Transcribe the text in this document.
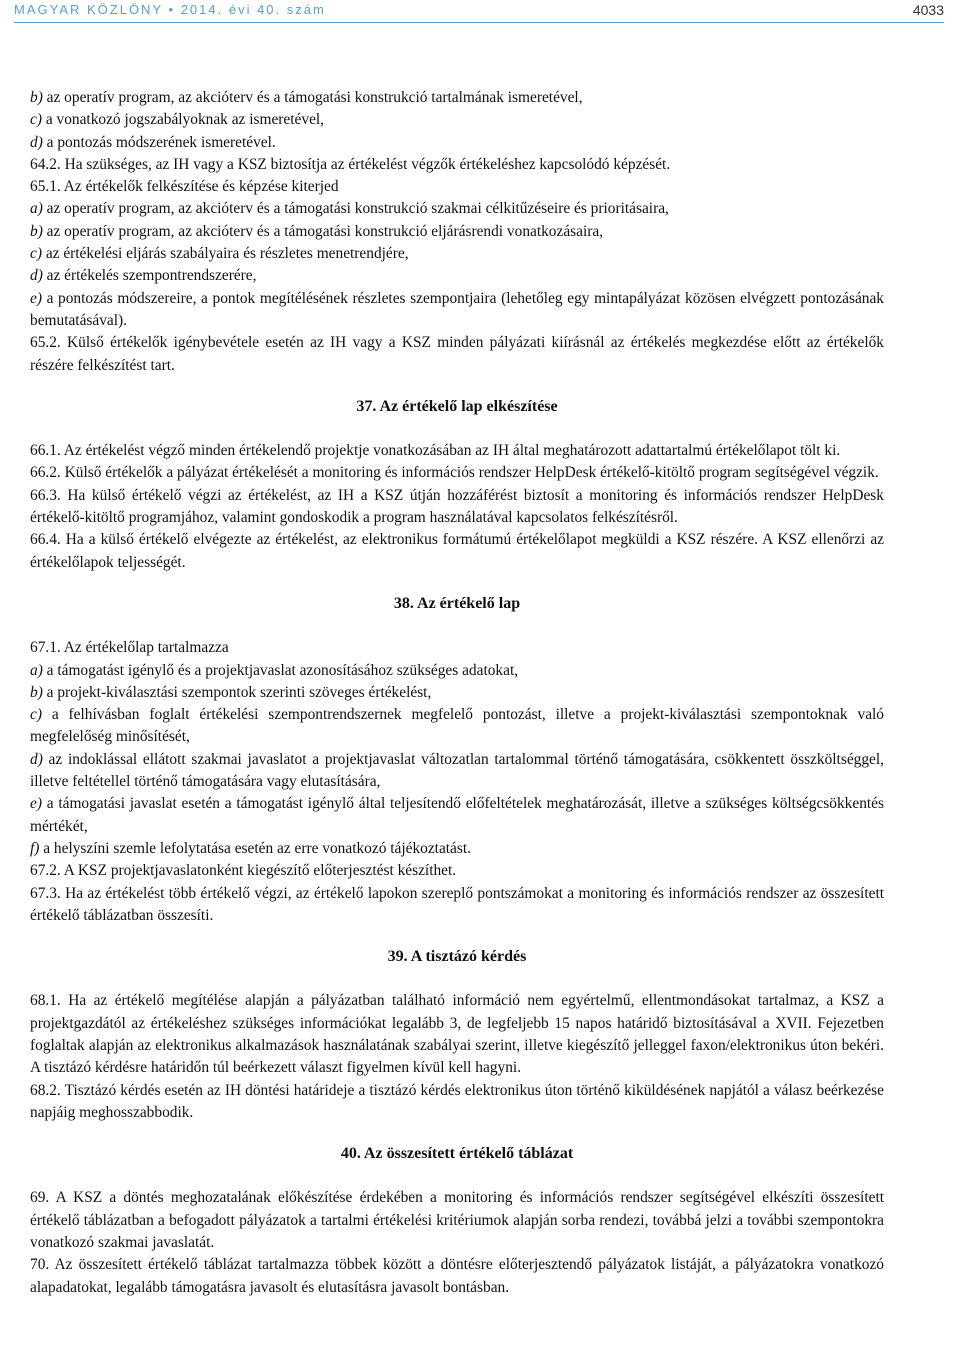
MAGYAR KÖZLÖNY • 2014. évi 40. szám	4033

b) az operatív program, az akcióterv és a támogatási konstrukció tartalmának ismeretével,

c) a vonatkozó jogszabályoknak az ismeretével,

d) a pontozás módszerének ismeretével.

64.2. Ha szükséges, az IH vagy a KSZ biztosítja az értékelést végzők értékeléshez kapcsolódó képzését.

65.1. Az értékelők felkészítése és képzése kiterjed

a) az operatív program, az akcióterv és a támogatási konstrukció szakmai célkitűzéseire és prioritásaira,

b) az operatív program, az akcióterv és a támogatási konstrukció eljárásrendi vonatkozásaira,

c) az értékelési eljárás szabályaira és részletes menetrendjére,

d) az értékelés szempontrendszerére,

e) a pontozás módszereire, a pontok megítélésének részletes szempontjaira (lehetőleg egy mintapályázat közösen elvégzett pontozásának bemutatásával).

65.2. Külső értékelők igénybevétele esetén az IH vagy a KSZ minden pályázati kiírásnál az értékelés megkezdése előtt az értékelők részére felkészítést tart.

37. Az értékelő lap elkészítése

66.1. Az értékelést végző minden értékelendő projektje vonatkozásában az IH által meghatározott adattartalmú értékelőlapot tölt ki.

66.2. Külső értékelők a pályázat értékelését a monitoring és információs rendszer HelpDesk értékelő-kitöltő program segítségével végzik.

66.3. Ha külső értékelő végzi az értékelést, az IH a KSZ útján hozzáférést biztosít a monitoring és információs rendszer HelpDesk értékelő-kitöltő programjához, valamint gondoskodik a program használatával kapcsolatos felkészítésről.

66.4. Ha a külső értékelő elvégezte az értékelést, az elektronikus formátumú értékelőlapot megküldi a KSZ részére. A KSZ ellenőrzi az értékelőlapok teljességét.

38. Az értékelő lap

67.1. Az értékelőlap tartalmazza

a) a támogatást igénylő és a projektjavaslat azonosításához szükséges adatokat,

b) a projekt-kiválasztási szempontok szerinti szöveges értékelést,

c) a felhívásban foglalt értékelési szempontrendszernek megfelelő pontozást, illetve a projekt-kiválasztási szempontoknak való megfelelőség minősítését,

d) az indoklással ellátott szakmai javaslatot a projektjavaslat változatlan tartalommal történő támogatására, csökkentett összköltséggel, illetve feltétellel történő támogatására vagy elutasítására,

e) a támogatási javaslat esetén a támogatást igénylő által teljesítendő előfeltételek meghatározását, illetve a szükséges költségcsökkentés mértékét,

f) a helyszíni szemle lefolytatása esetén az erre vonatkozó tájékoztatást.

67.2. A KSZ projektjavaslatonként kiegészítő előterjesztést készíthet.

67.3. Ha az értékelést több értékelő végzi, az értékelő lapokon szereplő pontszámokat a monitoring és információs rendszer az összesített értékelő táblázatban összesíti.

39. A tisztázó kérdés

68.1. Ha az értékelő megítélése alapján a pályázatban található információ nem egyértelmű, ellentmondásokat tartalmaz, a KSZ a projektgazdától az értékeléshez szükséges információkat legalább 3, de legfeljebb 15 napos határidő biztosításával a XVII. Fejezetben foglaltak alapján az elektronikus alkalmazások használatának szabályai szerint, illetve kiegészítő jelleggel faxon/elektronikus úton bekéri. A tisztázó kérdésre határidőn túl beérkezett választ figyelmen kívül kell hagyni.

68.2. Tisztázó kérdés esetén az IH döntési határideje a tisztázó kérdés elektronikus úton történő kiküldésének napjától a válasz beérkezése napjáig meghosszabbodik.

40. Az összesített értékelő táblázat

69. A KSZ a döntés meghozatalának előkészítése érdekében a monitoring és információs rendszer segítségével elkészíti összesített értékelő táblázatban a befogadott pályázatok a tartalmi értékelési kritériumok alapján sorba rendezi, továbbá jelzi a további szempontokra vonatkozó szakmai javaslatát.

70. Az összesített értékelő táblázat tartalmazza többek között a döntésre előterjesztendő pályázatok listáját, a pályázatokra vonatkozó alapadatokat, legalább támogatásra javasolt és elutasításra javasolt bontásban.
